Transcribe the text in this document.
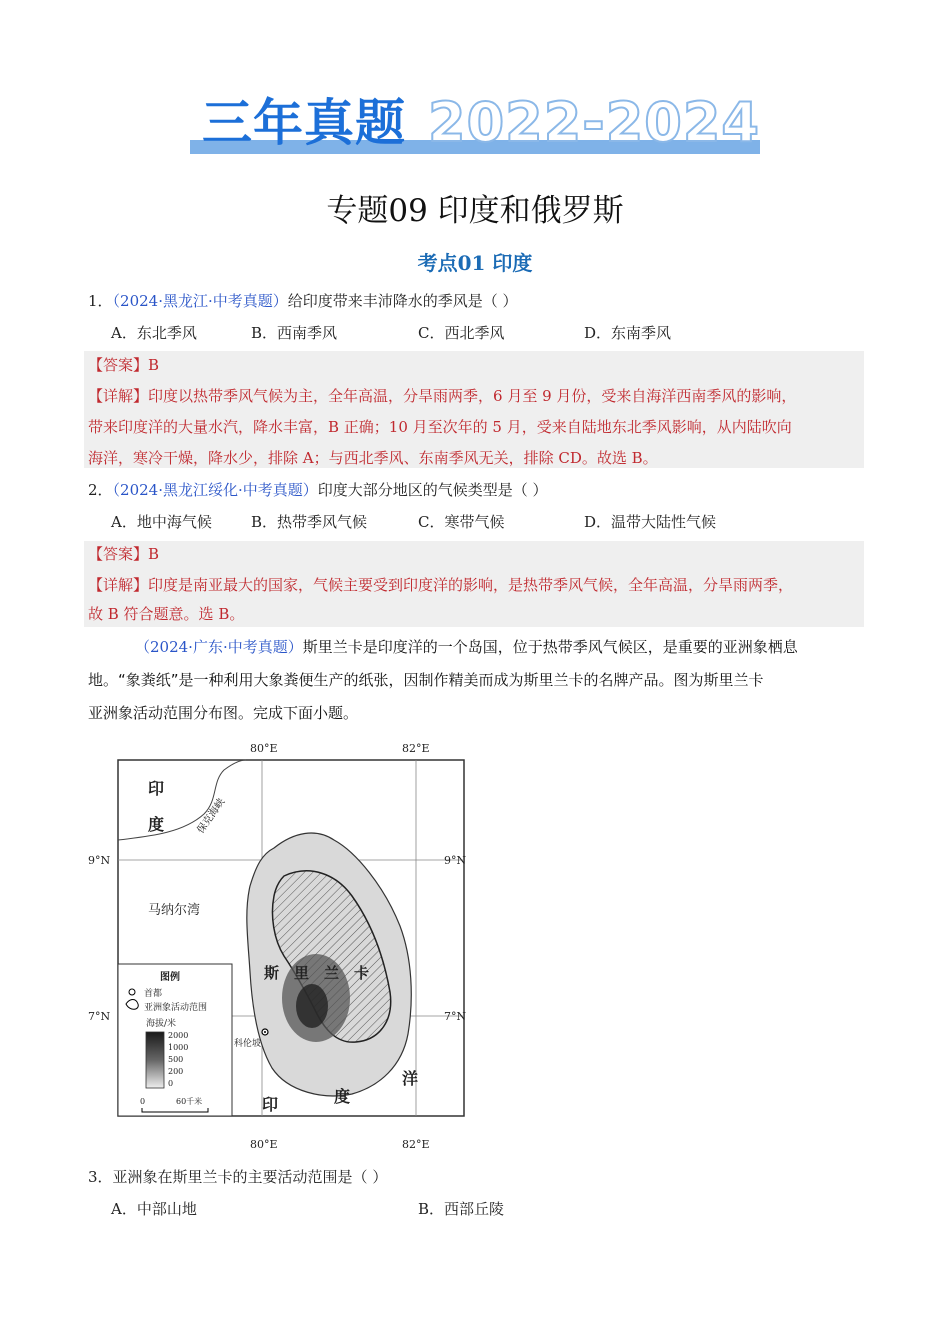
三年真题 2022-2024
专题09 印度和俄罗斯
考点01 印度
1．（2024·黑龙江·中考真题）给印度带来丰沛降水的季风是（ ）
A．东北季风	B．西南季风	C．西北季风	D．东南季风
【答案】B
【详解】印度以热带季风气候为主，全年高温，分旱雨两季，6 月至 9 月份，受来自海洋西南季风的影响，
带来印度洋的大量水汽，降水丰富，B 正确；10 月至次年的 5 月，受来自陆地东北季风影响，从内陆吹向
海洋，寒冷干燥，降水少，排除 A；与西北季风、东南季风无关，排除 CD。故选 B。
2．（2024·黑龙江绥化·中考真题）印度大部分地区的气候类型是（ ）
A．地中海气候	B．热带季风气候	C．寒带气候	D．温带大陆性气候
【答案】B
【详解】印度是南亚最大的国家，气候主要受到印度洋的影响，是热带季风气候，全年高温，分旱雨两季，
故 B 符合题意。选 B。
（2024·广东·中考真题）斯里兰卡是印度洋的一个岛国，位于热带季风气候区，是重要的亚洲象栖息
地。“象粪纸”是一种利用大象粪便生产的纸张，因制作精美而成为斯里兰卡的名牌产品。图为斯里兰卡
亚洲象活动范围分布图。完成下面小题。
80°E	82°E
80°E	82°E
9°N	9°N
7°N	7°N
印
度	保克海峡
马纳尔湾
斯 里 兰 卡
印	度
洋
科伦坡
图例
首都
亚洲象活动范围
海拔/米
2000
1000
500
200
0
0	60千米
3．亚洲象在斯里兰卡的主要活动范围是（ ）
A．中部山地	B．西部丘陵
